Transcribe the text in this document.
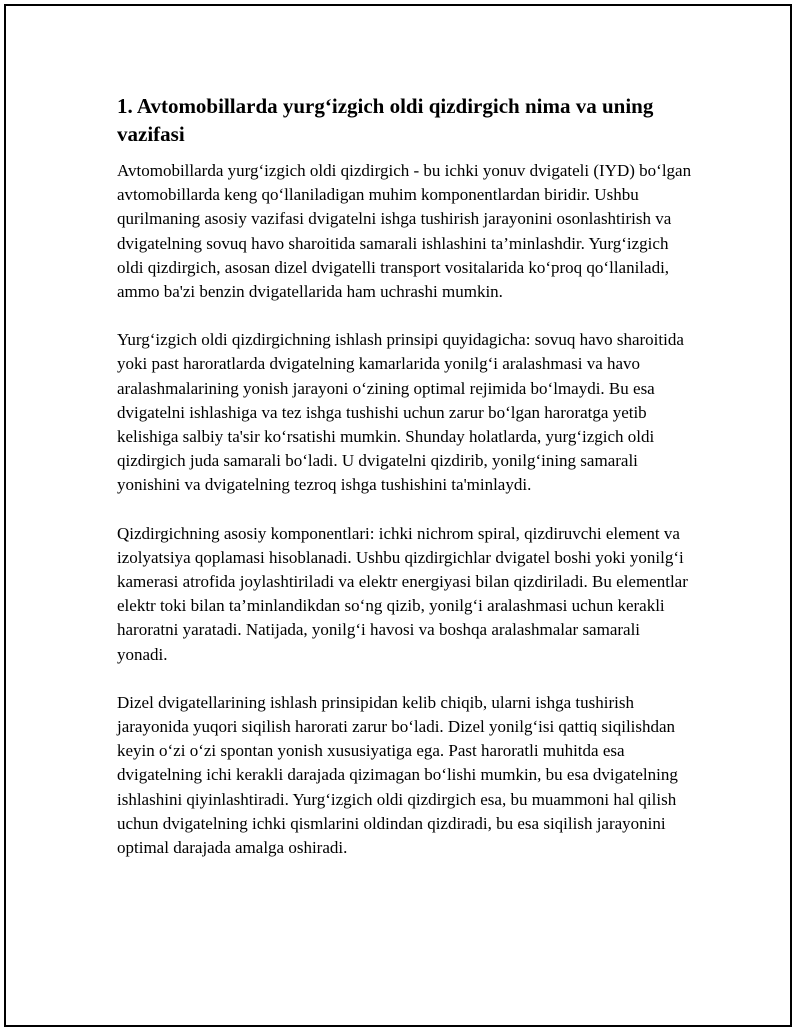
1. Avtomobillarda yurg‘izgich oldi qizdirgich nima va uning vazifasi

Avtomobillarda yurg‘izgich oldi qizdirgich - bu ichki yonuv dvigateli (IYD) bo‘lgan avtomobillarda keng qo‘llaniladigan muhim komponentlardan biridir. Ushbu qurilmaning asosiy vazifasi dvigatelni ishga tushirish jarayonini osonlashtirish va dvigatelning sovuq havo sharoitida samarali ishlashini ta’minlashdir. Yurg‘izgich oldi qizdirgich, asosan dizel dvigatelli transport vositalarida ko‘proq qo‘llaniladi, ammo ba'zi benzin dvigatellarida ham uchrashi mumkin.

Yurg‘izgich oldi qizdirgichning ishlash prinsipi quyidagicha: sovuq havo sharoitida yoki past haroratlarda dvigatelning kamarlarida yonilg‘i aralashmasi va havo aralashmalarining yonish jarayoni o‘zining optimal rejimida bo‘lmaydi. Bu esa dvigatelni ishlashiga va tez ishga tushishi uchun zarur bo‘lgan haroratga yetib kelishiga salbiy ta'sir ko‘rsatishi mumkin. Shunday holatlarda, yurg‘izgich oldi qizdirgich juda samarali bo‘ladi. U dvigatelni qizdirib, yonilg‘ining samarali yonishini va dvigatelning tezroq ishga tushishini ta'minlaydi.

Qizdirgichning asosiy komponentlari: ichki nichrom spiral, qizdiruvchi element va izolyatsiya qoplamasi hisoblanadi. Ushbu qizdirgichlar dvigatel boshi yoki yonilg‘i kamerasi atrofida joylashtiriladi va elektr energiyasi bilan qizdiriladi. Bu elementlar elektr toki bilan ta’minlandikdan so‘ng qizib, yonilg‘i aralashmasi uchun kerakli haroratni yaratadi. Natijada, yonilg‘i havosi va boshqa aralashmalar samarali yonadi.

Dizel dvigatellarining ishlash prinsipidan kelib chiqib, ularni ishga tushirish jarayonida yuqori siqilish harorati zarur bo‘ladi. Dizel yonilg‘isi qattiq siqilishdan keyin o‘zi o‘zi spontan yonish xususiyatiga ega. Past haroratli muhitda esa dvigatelning ichi kerakli darajada qizimagan bo‘lishi mumkin, bu esa dvigatelning ishlashini qiyinlashtiradi. Yurg‘izgich oldi qizdirgich esa, bu muammoni hal qilish uchun dvigatelning ichki qismlarini oldindan qizdiradi, bu esa siqilish jarayonini optimal darajada amalga oshiradi.
